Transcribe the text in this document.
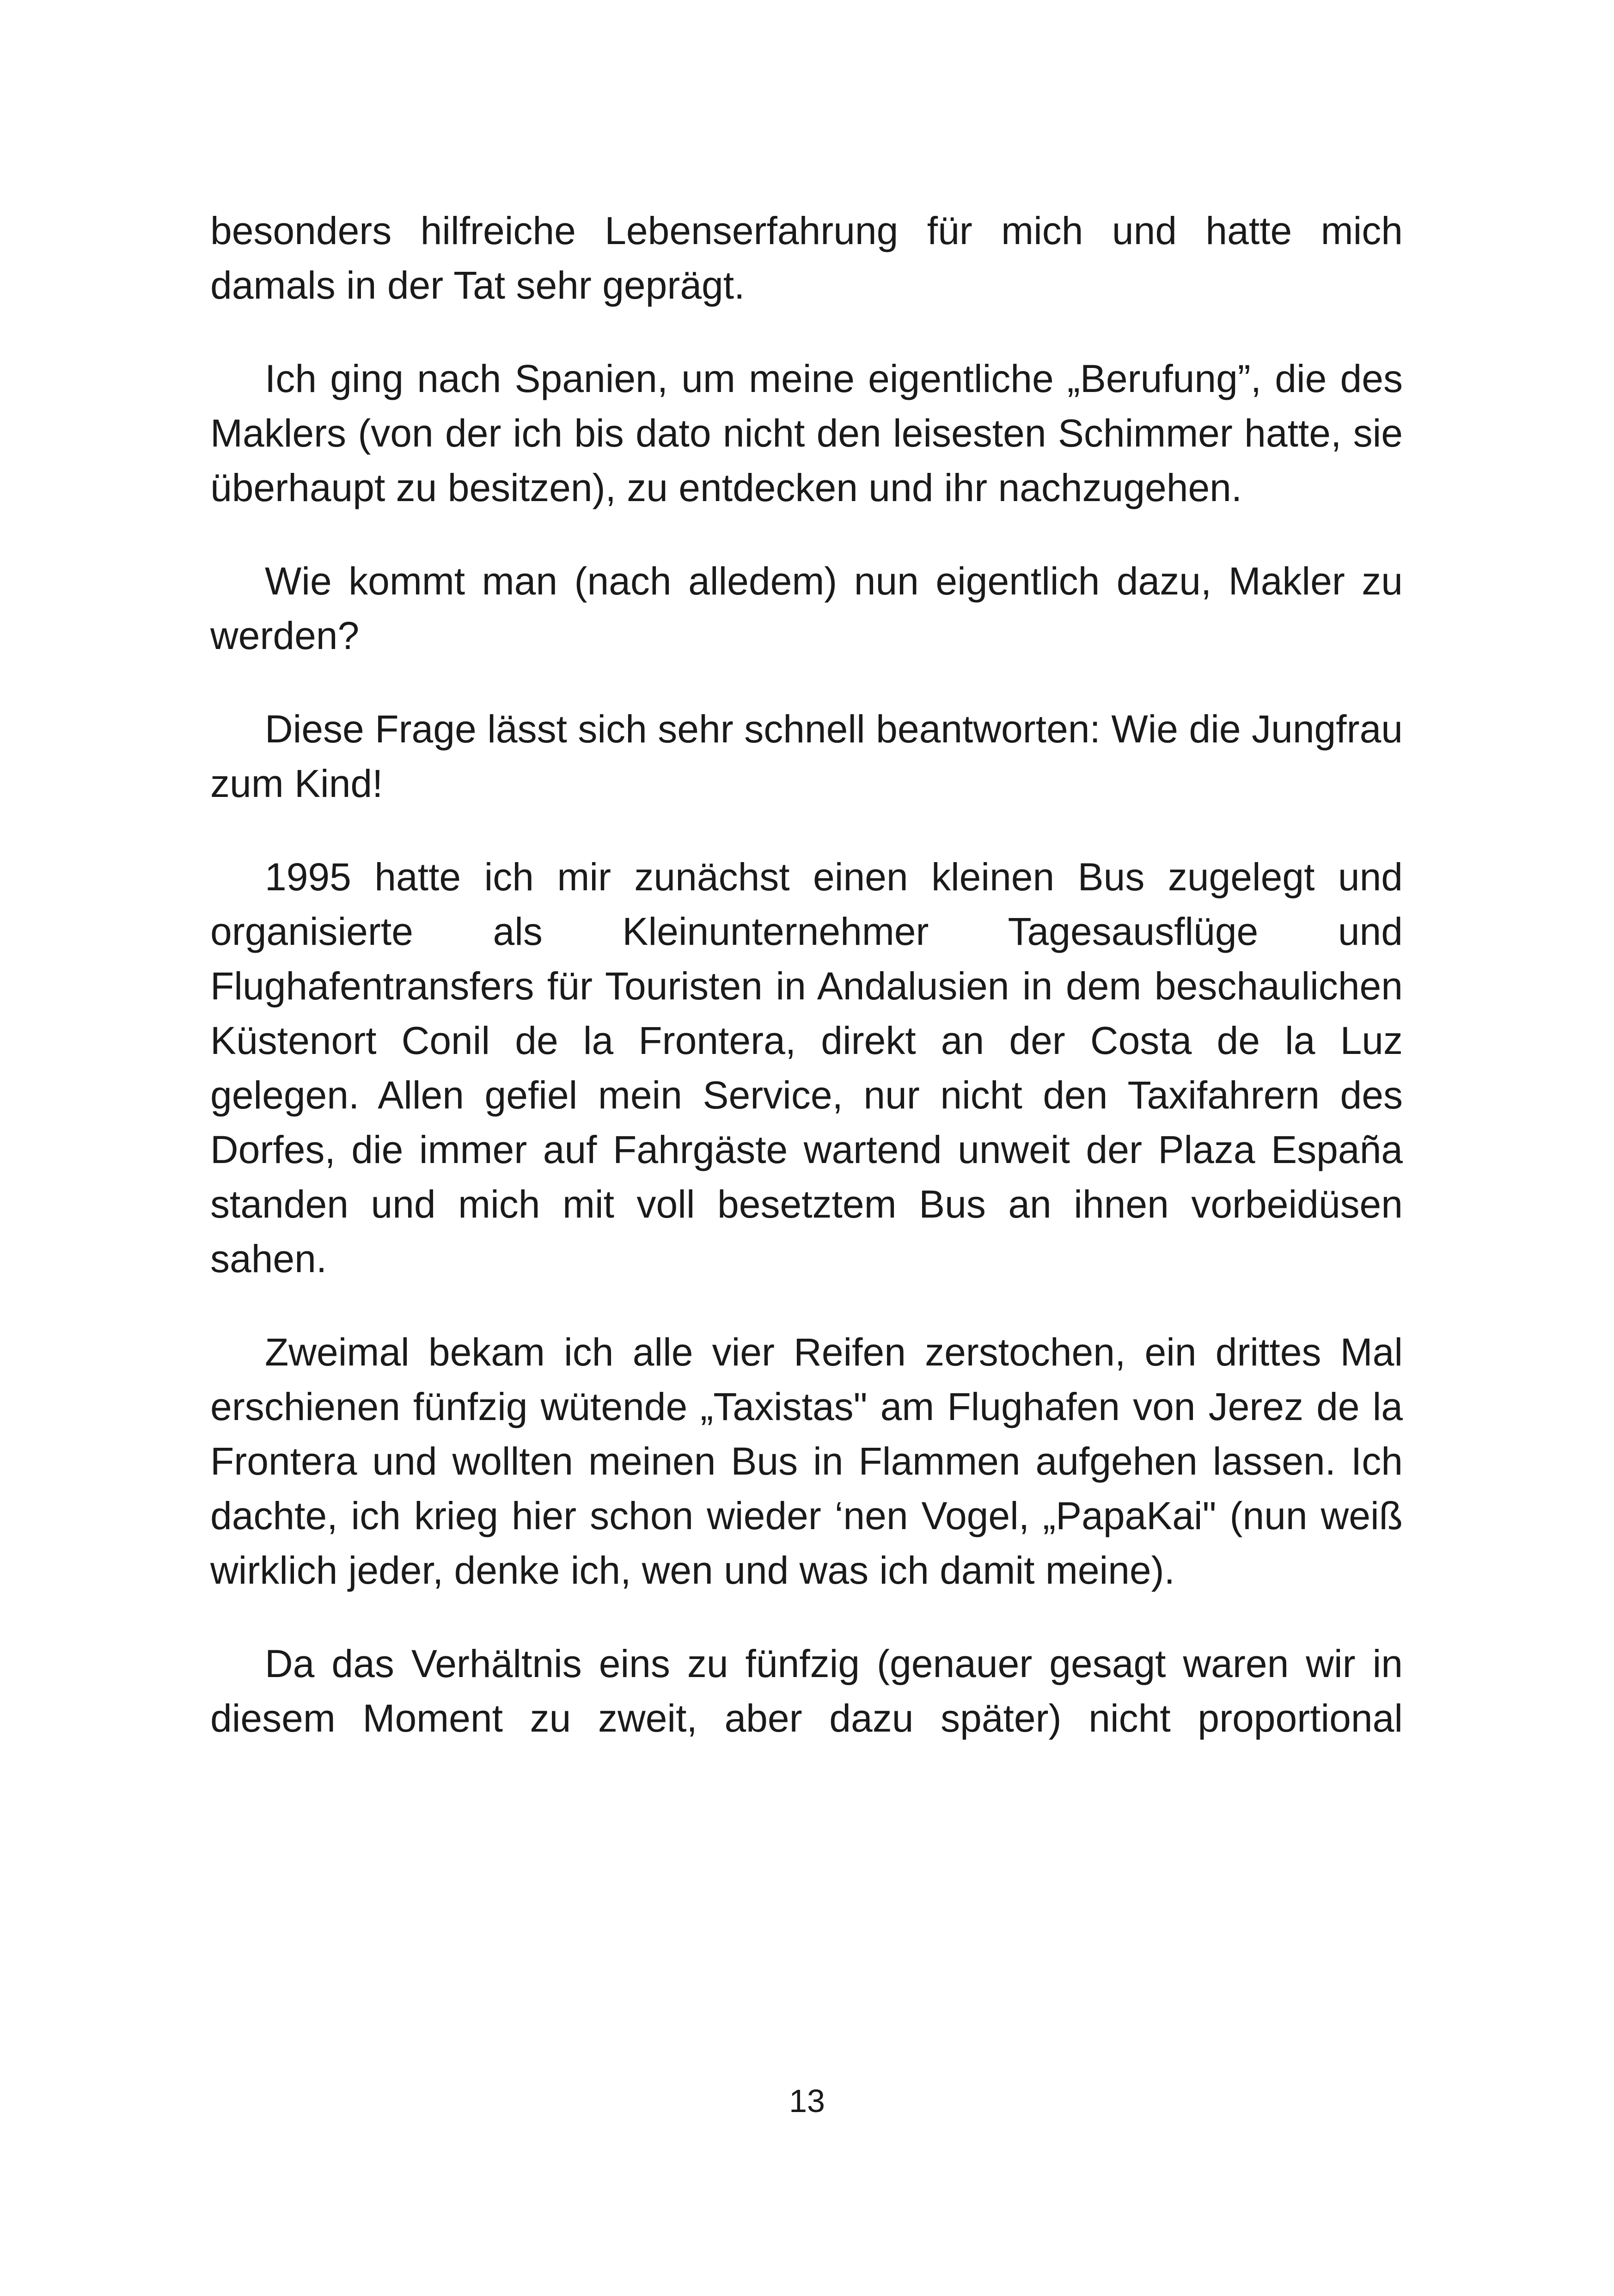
besonders hilfreiche Lebenserfahrung für mich und hatte mich damals in der Tat sehr geprägt.

Ich ging nach Spanien, um meine eigentliche „Berufung”, die des Maklers (von der ich bis dato nicht den leisesten Schimmer hatte, sie überhaupt zu besitzen), zu entdecken und ihr nachzugehen.

Wie kommt man (nach alledem) nun eigentlich dazu, Makler zu werden?

Diese Frage lässt sich sehr schnell beantworten: Wie die Jungfrau zum Kind!

1995 hatte ich mir zunächst einen kleinen Bus zugelegt und organisierte als Kleinunternehmer Tagesausflüge und Flughafentransfers für Touristen in Andalusien in dem beschaulichen Küstenort Conil de la Frontera, direkt an der Costa de la Luz gelegen. Allen gefiel mein Service, nur nicht den Taxifahrern des Dorfes, die immer auf Fahrgäste wartend unweit der Plaza España standen und mich mit voll besetztem Bus an ihnen vorbeidüsen sahen.

Zweimal bekam ich alle vier Reifen zerstochen, ein drittes Mal erschienen fünfzig wütende „Taxistas" am Flughafen von Jerez de la Frontera und wollten meinen Bus in Flammen aufgehen lassen. Ich dachte, ich krieg hier schon wieder ‘nen Vogel, „PapaKai" (nun weiß wirklich jeder, denke ich, wen und was ich damit meine).

Da das Verhältnis eins zu fünfzig (genauer gesagt waren wir in diesem Moment zu zweit, aber dazu später) nicht proportional

13
